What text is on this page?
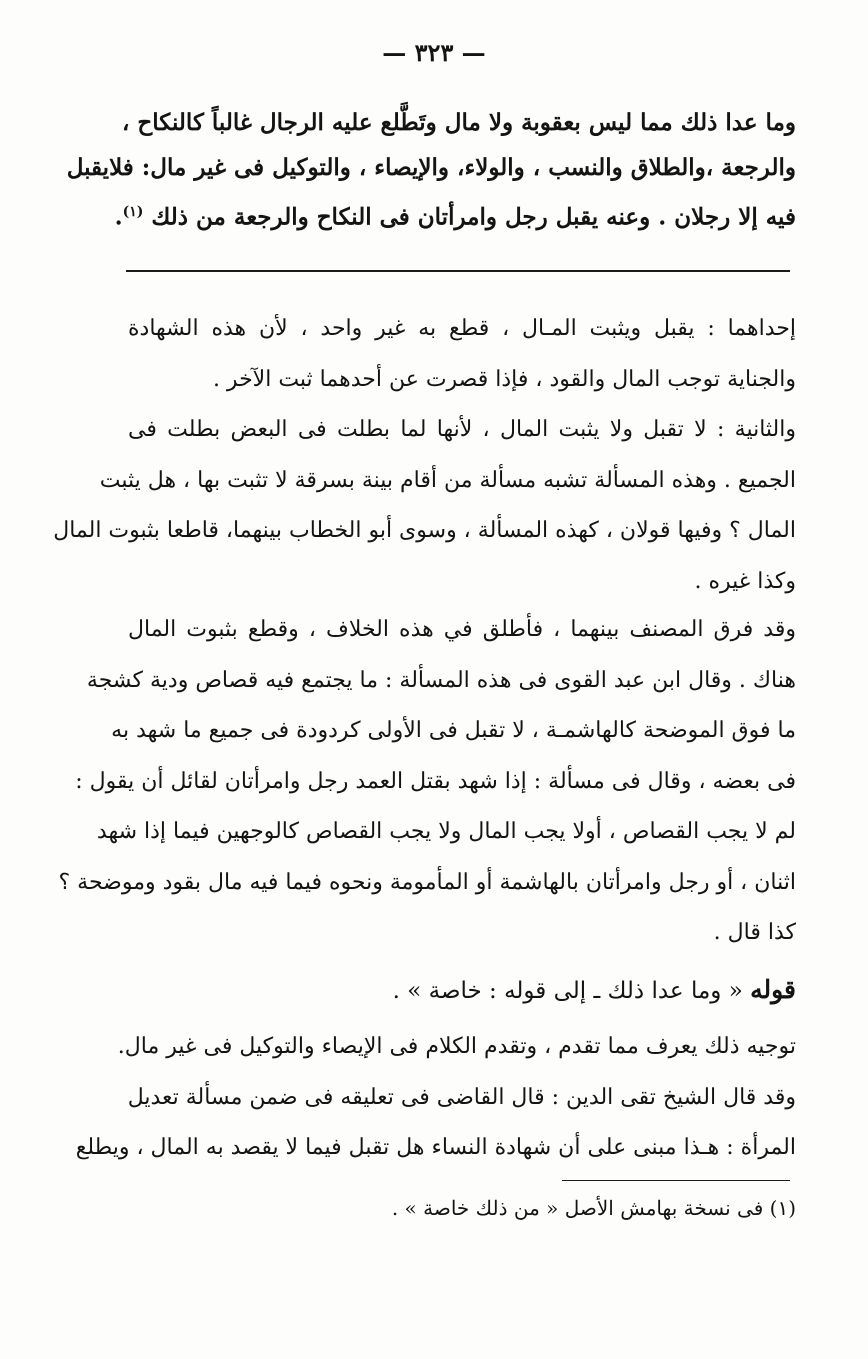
— ٣٢٣ —
وما عدا ذلك مما ليس بعقوبة ولا مال وتَطَّلع عليه الرجال غالباً كالنكاح ،
والرجعة ،والطلاق والنسب ، والولاء، والإيصاء ، والتوكيل فى غير مال: فلايقبل
فيه إلا رجلان . وعنه يقبل رجل وامرأتان فى النكاح والرجعة من ذلك $^{(١)}$.
إحداهما : يقبل ويثبت المـال ، قطع به غير واحد ، لأن هذه الشهادة
والجناية توجب المال والقود ، فإذا قصرت عن أحدهما ثبت الآخر .
والثانية : لا تقبل ولا يثبت المال ، لأنها لما بطلت فى البعض بطلت فى
الجميع . وهذه المسألة تشبه مسألة من أقام بينة بسرقة لا تثبت بها ، هل يثبت
المال ؟ وفيها قولان ، كهذه المسألة ، وسوى أبو الخطاب بينهما، قاطعا بثبوت المال
وكذا غيره .
وقد فرق المصنف بينهما ، فأطلق في هذه الخلاف ، وقطع بثبوت المال
هناك . وقال ابن عبد القوى فى هذه المسألة : ما يجتمع فيه قصاص ودية كشجة
ما فوق الموضحة كالهاشمـة ، لا تقبل فى الأولى كردودة فى جميع ما شهد به
فى بعضه ، وقال فى مسألة : إذا شهد بقتل العمد رجل وامرأتان لقائل أن يقول :
لم لا يجب القصاص ، أولا يجب المال ولا يجب القصاص كالوجهين فيما إذا شهد
اثنان ، أو رجل وامرأتان بالهاشمة أو المأمومة ونحوه فيما فيه مال بقود وموضحة ؟
كذا قال .
قوله « وما عدا ذلك ـ إلى قوله : خاصة » .
توجيه ذلك يعرف مما تقدم ، وتقدم الكلام فى الإيصاء والتوكيل فى غير مال.
وقد قال الشيخ تقى الدين : قال القاضى فى تعليقه فى ضمن مسألة تعديل
المرأة : هـذا مبنى على أن شهادة النساء هل تقبل فيما لا يقصد به المال ، ويطلع
(١) فى نسخة بهامش الأصل « من ذلك خاصة » .
